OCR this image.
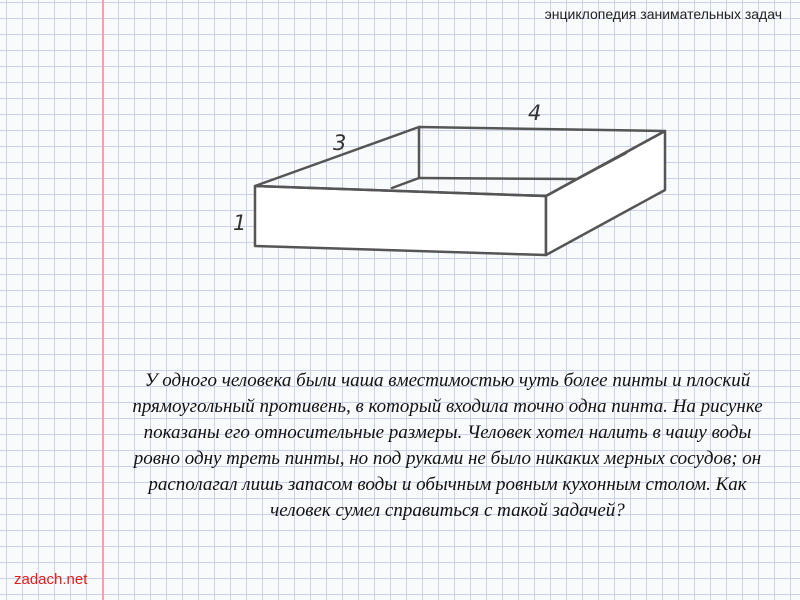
энциклопедия занимательных задач
1
3
4
У одного человека были чаша вместимостью чуть более пинты и плоский прямоугольный противень, в который входила точно одна пинта. На рисунке показаны его относительные размеры. Человек хотел налить в чашу воды ровно одну треть пинты, но под руками не было никаких мерных сосудов; он располагал лишь запасом воды и обычным ровным кухонным столом. Как человек сумел справиться с такой задачей?
zadach.net
